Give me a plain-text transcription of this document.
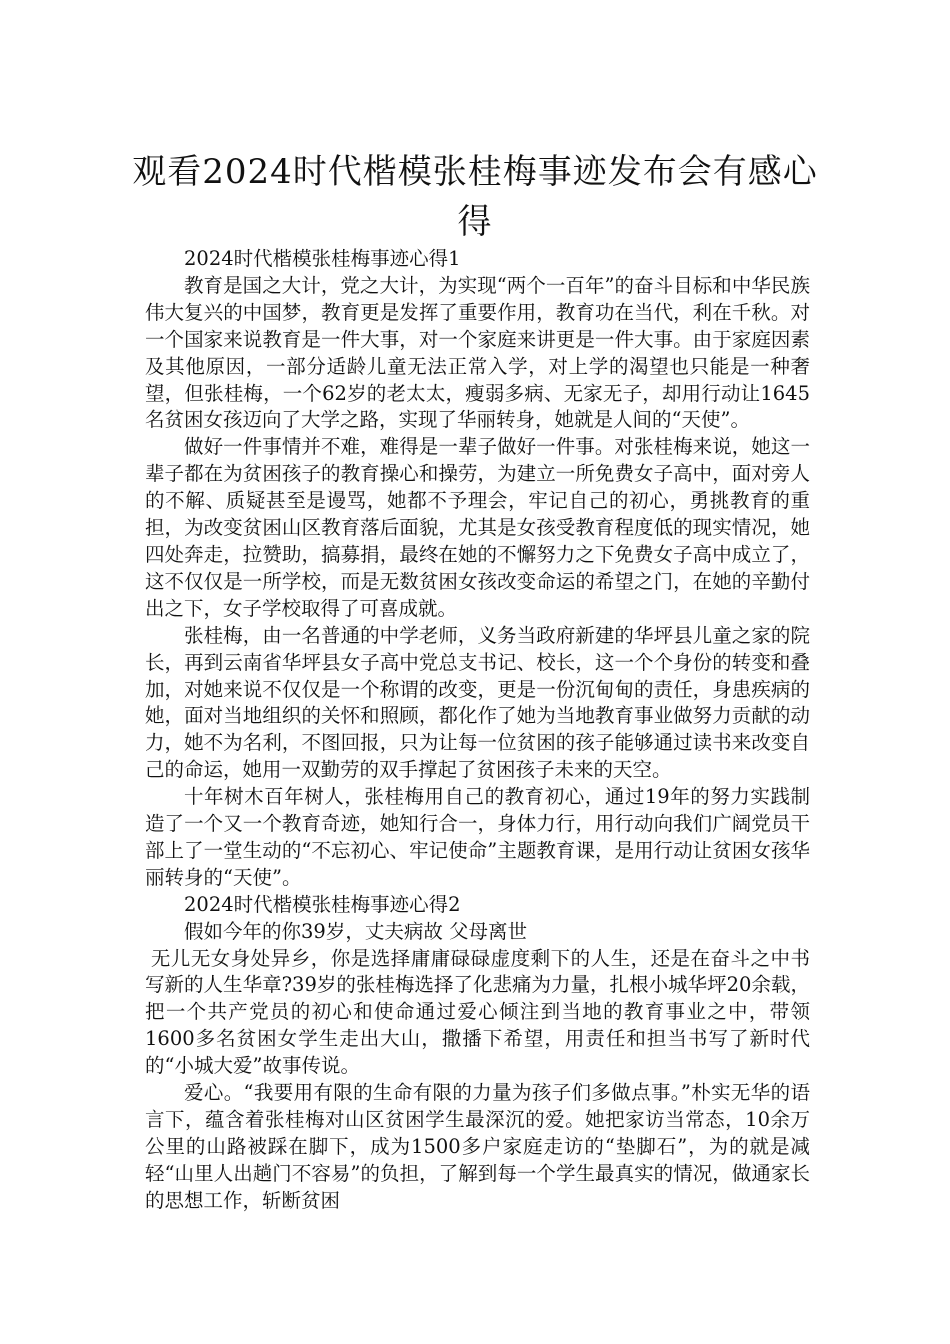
观看2024时代楷模张桂梅事迹发布会有感心得

2024时代楷模张桂梅事迹心得1

教育是国之大计，党之大计，为实现“两个一百年”的奋斗目标和中华民族伟大复兴的中国梦，教育更是发挥了重要作用，教育功在当代，利在千秋。对一个国家来说教育是一件大事，对一个家庭来讲更是一件大事。由于家庭因素及其他原因，一部分适龄儿童无法正常入学，对上学的渴望也只能是一种奢望，但张桂梅，一个62岁的老太太，瘦弱多病、无家无子，却用行动让1645名贫困女孩迈向了大学之路，实现了华丽转身，她就是人间的“天使”。

做好一件事情并不难，难得是一辈子做好一件事。对张桂梅来说，她这一辈子都在为贫困孩子的教育操心和操劳，为建立一所免费女子高中，面对旁人的不解、质疑甚至是谩骂，她都不予理会，牢记自己的初心，勇挑教育的重担，为改变贫困山区教育落后面貌，尤其是女孩受教育程度低的现实情况，她四处奔走，拉赞助，搞募捐，最终在她的不懈努力之下免费女子高中成立了，这不仅仅是一所学校，而是无数贫困女孩改变命运的希望之门，在她的辛勤付出之下，女子学校取得了可喜成就。

张桂梅，由一名普通的中学老师，义务当政府新建的华坪县儿童之家的院长，再到云南省华坪县女子高中党总支书记、校长，这一个个身份的转变和叠加，对她来说不仅仅是一个称谓的改变，更是一份沉甸甸的责任，身患疾病的她，面对当地组织的关怀和照顾，都化作了她为当地教育事业做努力贡献的动力，她不为名利，不图回报，只为让每一位贫困的孩子能够通过读书来改变自己的命运，她用一双勤劳的双手撑起了贫困孩子未来的天空。

十年树木百年树人，张桂梅用自己的教育初心，通过19年的努力实践制造了一个又一个教育奇迹，她知行合一，身体力行，用行动向我们广阔党员干部上了一堂生动的“不忘初心、牢记使命”主题教育课，是用行动让贫困女孩华丽转身的“天使”。

2024时代楷模张桂梅事迹心得2

假如今年的你39岁，丈夫病故 父母离世

无儿无女身处异乡，你是选择庸庸碌碌虚度剩下的人生，还是在奋斗之中书写新的人生华章?39岁的张桂梅选择了化悲痛为力量，扎根小城华坪20余载，把一个共产党员的初心和使命通过爱心倾注到当地的教育事业之中，带领1600多名贫困女学生走出大山，撒播下希望，用责任和担当书写了新时代的“小城大爱”故事传说。

爱心。“我要用有限的生命有限的力量为孩子们多做点事。”朴实无华的语言下，蕴含着张桂梅对山区贫困学生最深沉的爱。她把家访当常态，10余万公里的山路被踩在脚下，成为1500多户家庭走访的“垫脚石”，为的就是减轻“山里人出趟门不容易”的负担，了解到每一个学生最真实的情况，做通家长的思想工作，斩断贫困
